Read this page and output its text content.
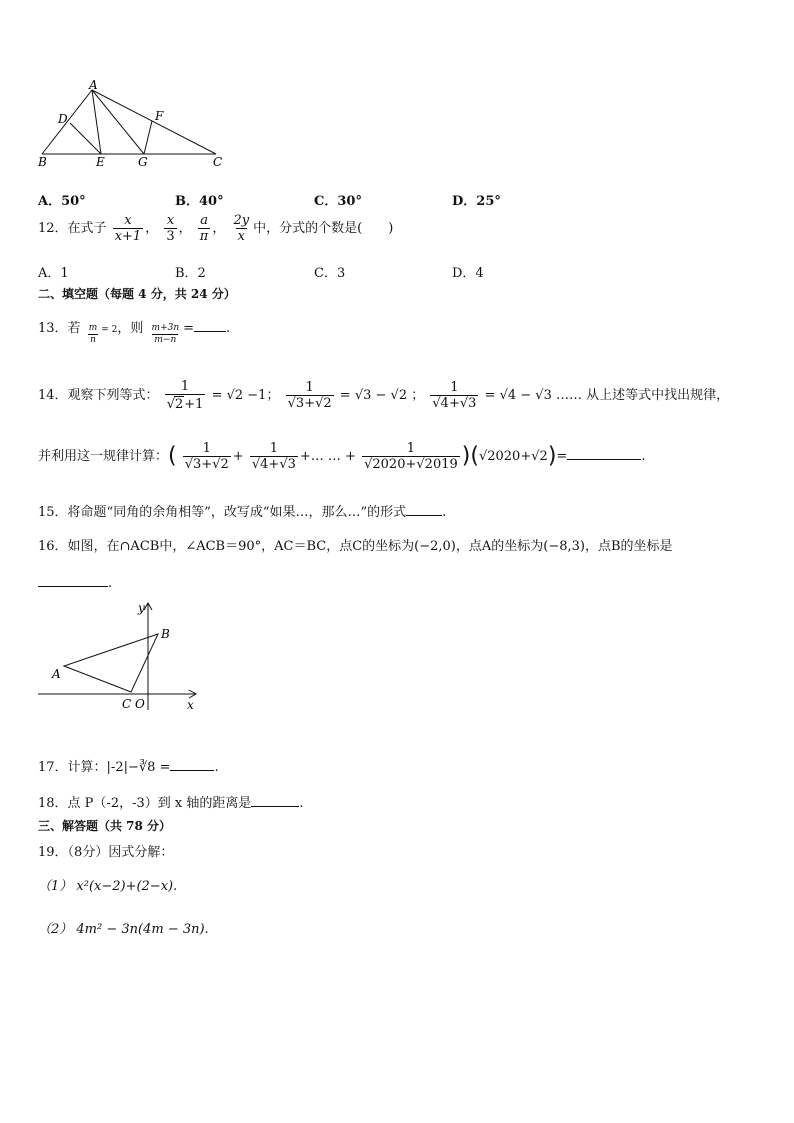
A
D	F
B	E	G	C
A．50°	B．40°	C．30°	D．25°
12．在式子 $\frac{x}{x+1}$ ， $\frac{x}{3}$ ， $\frac{a}{\pi}$ ， $\frac{2y}{x}$ 中，分式的个数是(　　)
A．1	B．2	C．3	D．4
二、填空题（每题 4 分，共 24 分）
13．若 $\frac{m}{n} = 2$，则 $\frac{m+3n}{m-n}$ = .
14．观察下列等式： $\frac{1}{√2+1} = √2 -1$； $\frac{1}{√3+√2} = √3 - √2$ ； $\frac{1}{√4+√3} = √4 - √3$ …… 从上述等式中找出规律，
并利用这一规律计算：( $\frac{1}{√3+√2} + \frac{1}{√4+√3}$ +… … + $\frac{1}{√2020+√2019} )(√2020+√2)=$	.
15．将命题“同角的余角相等”，改写成“如果…，那么…”的形式	.
16．如图，在∩ACB中，∠ACB＝90°，AC＝BC，点C的坐标为(−2,0)，点A的坐标为(−8,3)，点B的坐标是
.
y
x
A
B
C O
17．计算：|-2|−∛8 =	.
18．点 P（-2，-3）到 x 轴的距离是	.
三、解答题（共 78 分）
19．（8分）因式分解：
（1） x²(x−2)+(2−x).
（2） 4m² − 3n(4m − 3n).
